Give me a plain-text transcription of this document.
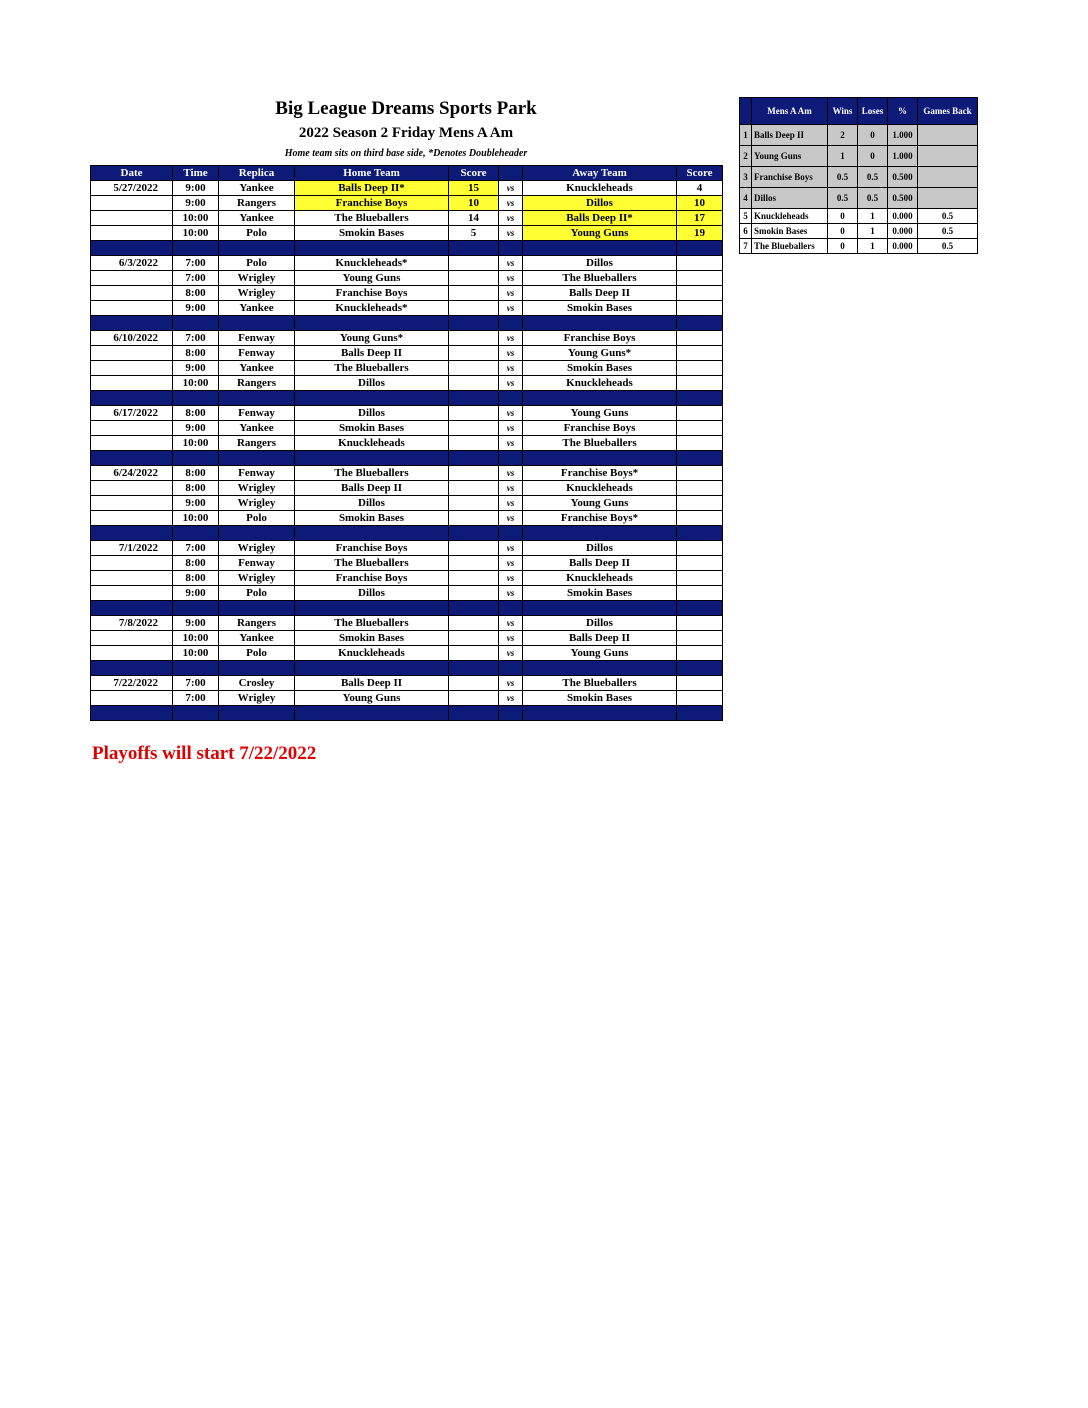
Big League Dreams Sports Park
2022 Season 2 Friday Mens A Am
Home team sits on third base side, *Denotes Doubleheader
Date	Time	Replica	Home Team	Score		Away Team	Score
5/27/2022	9:00	Yankee	Balls Deep II*	15	vs	Knuckleheads	4
	9:00	Rangers	Franchise Boys	10	vs	Dillos	10
	10:00	Yankee	The Blueballers	14	vs	Balls Deep II*	17
	10:00	Polo	Smokin Bases	5	vs	Young Guns	19

6/3/2022	7:00	Polo	Knuckleheads*		vs	Dillos	
	7:00	Wrigley	Young Guns		vs	The Blueballers	
	8:00	Wrigley	Franchise Boys		vs	Balls Deep II	
	9:00	Yankee	Knuckleheads*		vs	Smokin Bases	

6/10/2022	7:00	Fenway	Young Guns*		vs	Franchise Boys	
	8:00	Fenway	Balls Deep II		vs	Young Guns*	
	9:00	Yankee	The Blueballers		vs	Smokin Bases	
	10:00	Rangers	Dillos		vs	Knuckleheads	

6/17/2022	8:00	Fenway	Dillos		vs	Young Guns	
	9:00	Yankee	Smokin Bases		vs	Franchise Boys	
	10:00	Rangers	Knuckleheads		vs	The Blueballers	

6/24/2022	8:00	Fenway	The Blueballers		vs	Franchise Boys*	
	8:00	Wrigley	Balls Deep II		vs	Knuckleheads	
	9:00	Wrigley	Dillos		vs	Young Guns	
	10:00	Polo	Smokin Bases		vs	Franchise Boys*	

7/1/2022	7:00	Wrigley	Franchise Boys		vs	Dillos	
	8:00	Fenway	The Blueballers		vs	Balls Deep II	
	8:00	Wrigley	Franchise Boys		vs	Knuckleheads	
	9:00	Polo	Dillos		vs	Smokin Bases	

7/8/2022	9:00	Rangers	The Blueballers		vs	Dillos	
	10:00	Yankee	Smokin Bases		vs	Balls Deep II	
	10:00	Polo	Knuckleheads		vs	Young Guns	

7/22/2022	7:00	Crosley	Balls Deep II		vs	The Blueballers	
	7:00	Wrigley	Young Guns		vs	Smokin Bases	

	Mens A Am	Wins	Loses	%	Games Back
1	Balls Deep II	2	0	1.000	
2	Young Guns	1	0	1.000	
3	Franchise Boys	0.5	0.5	0.500	
4	Dillos	0.5	0.5	0.500	
5	Knuckleheads	0	1	0.000	0.5
6	Smokin Bases	0	1	0.000	0.5
7	The Blueballers	0	1	0.000	0.5
Playoffs will start 7/22/2022
